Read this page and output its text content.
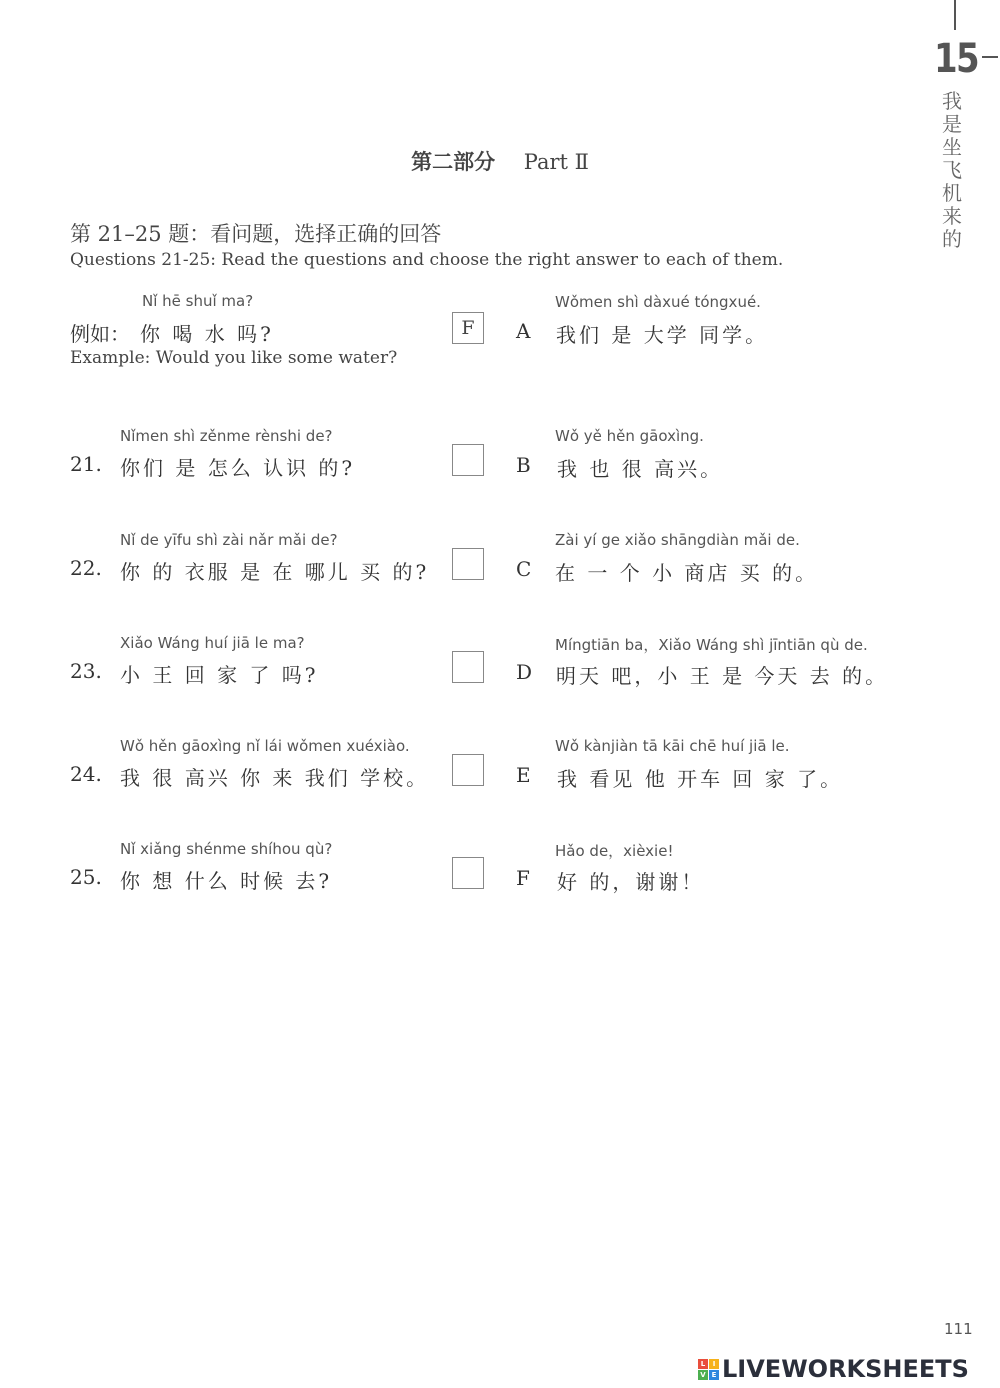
15
我是坐飞机来的
第二部分 Part Ⅱ
第 21–25 题：看问题，选择正确的回答
Questions 21-25: Read the questions and choose the right answer to each of them.
Nǐ hē shuǐ ma?
例如： 你 喝 水 吗?
Example: Would you like some water?
F
Nǐmen shì zěnme rènshi de?
21. 你们 是 怎么 认识 的?
Nǐ de yīfu shì zài nǎr mǎi de?
22. 你 的 衣服 是 在 哪儿 买 的?
Xiǎo Wáng huí jiā le ma?
23. 小 王 回 家 了 吗?
Wǒ hěn gāoxìng nǐ lái wǒmen xuéxiào.
24. 我 很 高兴 你 来 我们 学校。
Nǐ xiǎng shénme shíhou qù?
25. 你 想 什么 时候 去?
Wǒmen shì dàxué tóngxué.
A 我们 是 大学 同学。
Wǒ yě hěn gāoxìng.
B 我 也 很 高兴。
Zài yí ge xiǎo shāngdiàn mǎi de.
C 在 一 个 小 商店 买 的。
Míngtiān ba，Xiǎo Wáng shì jīntiān qù de.
D 明天 吧，小 王 是 今天 去 的。
Wǒ kànjiàn tā kāi chē huí jiā le.
E 我 看见 他 开车 回 家 了。
Hǎo de，xièxie!
F 好 的，谢谢！
111
L	I
V E LIVEWORKSHEETS
